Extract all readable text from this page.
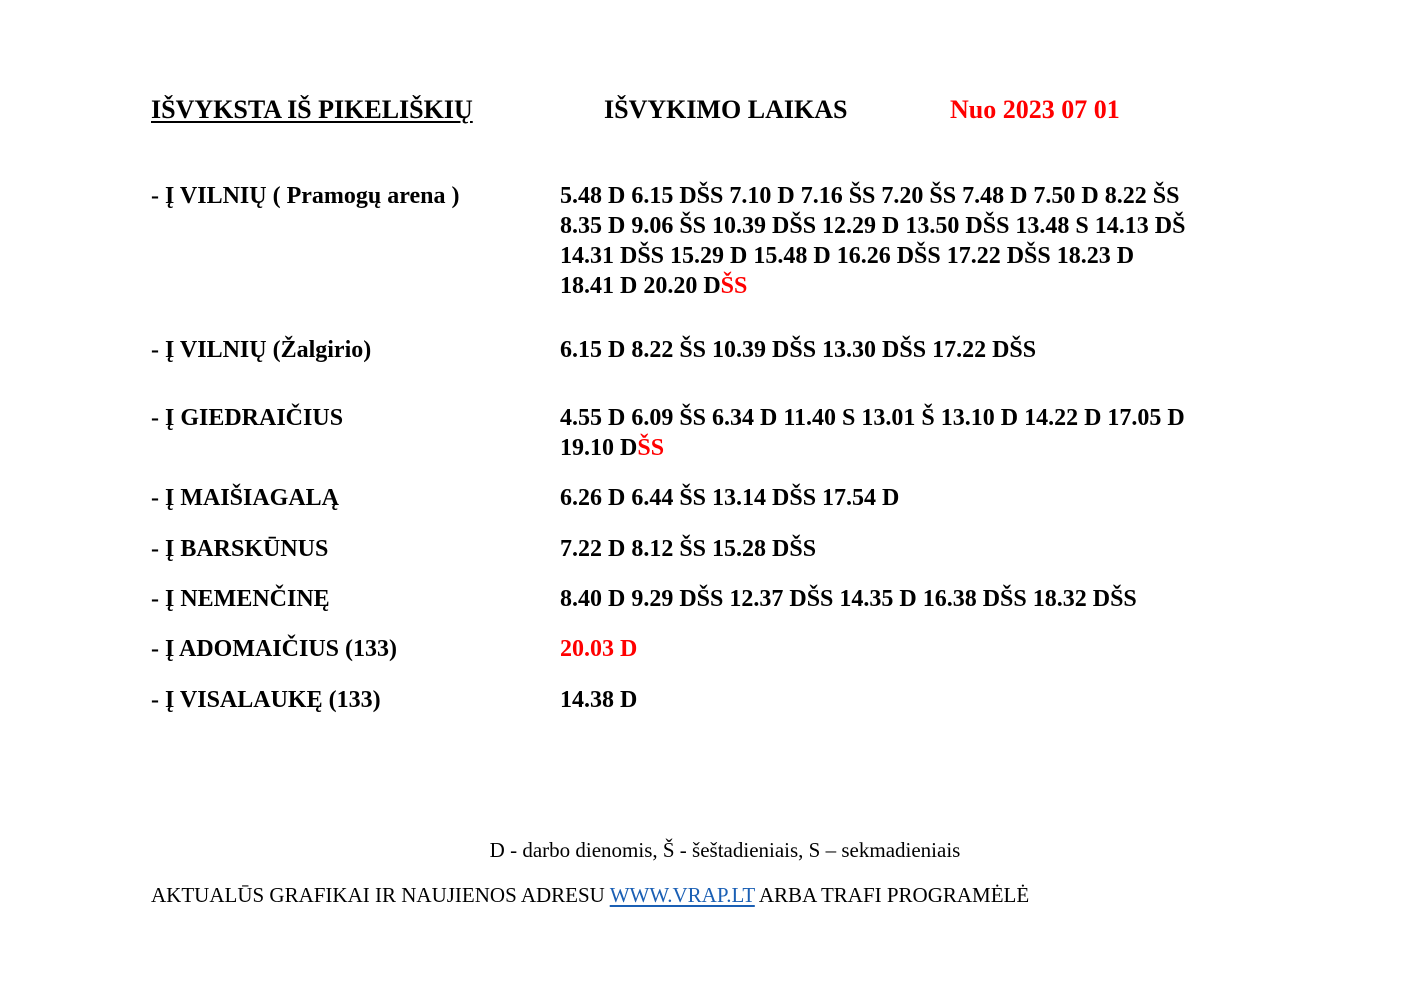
IŠVYKSTA IŠ PIKELIŠKIŲ	IŠVYKIMO LAIKAS	Nuo 2023 07 01
- Į VILNIŲ ( Pramogų arena )	5.48 D 6.15 DŠS 7.10 D 7.16 ŠS 7.20 ŠS 7.48 D 7.50 D 8.22 ŠS
8.35 D 9.06 ŠS 10.39 DŠS 12.29 D 13.50 DŠS 13.48 S 14.13 DŠ
14.31 DŠS 15.29 D 15.48 D 16.26 DŠS 17.22 DŠS 18.23 D
18.41 D 20.20 DŠS
- Į VILNIŲ (Žalgirio)	6.15 D 8.22 ŠS 10.39 DŠS 13.30 DŠS 17.22 DŠS
- Į GIEDRAIČIUS	4.55 D 6.09 ŠS 6.34 D 11.40 S 13.01 Š 13.10 D 14.22 D 17.05 D
19.10 DŠS
- Į MAIŠIAGALĄ	6.26 D 6.44 ŠS 13.14 DŠS 17.54 D
- Į BARSKŪNUS	7.22 D 8.12 ŠS 15.28 DŠS
- Į NEMENČINĘ	8.40 D 9.29 DŠS 12.37 DŠS 14.35 D 16.38 DŠS 18.32 DŠS
- Į ADOMAIČIUS (133)	20.03 D
- Į VISALAUKĘ (133)	14.38 D
D - darbo dienomis, Š - šeštadieniais, S – sekmadieniais
AKTUALŪS GRAFIKAI IR NAUJIENOS ADRESU WWW.VRAP.LT ARBA TRAFI PROGRAMĖLĖ
